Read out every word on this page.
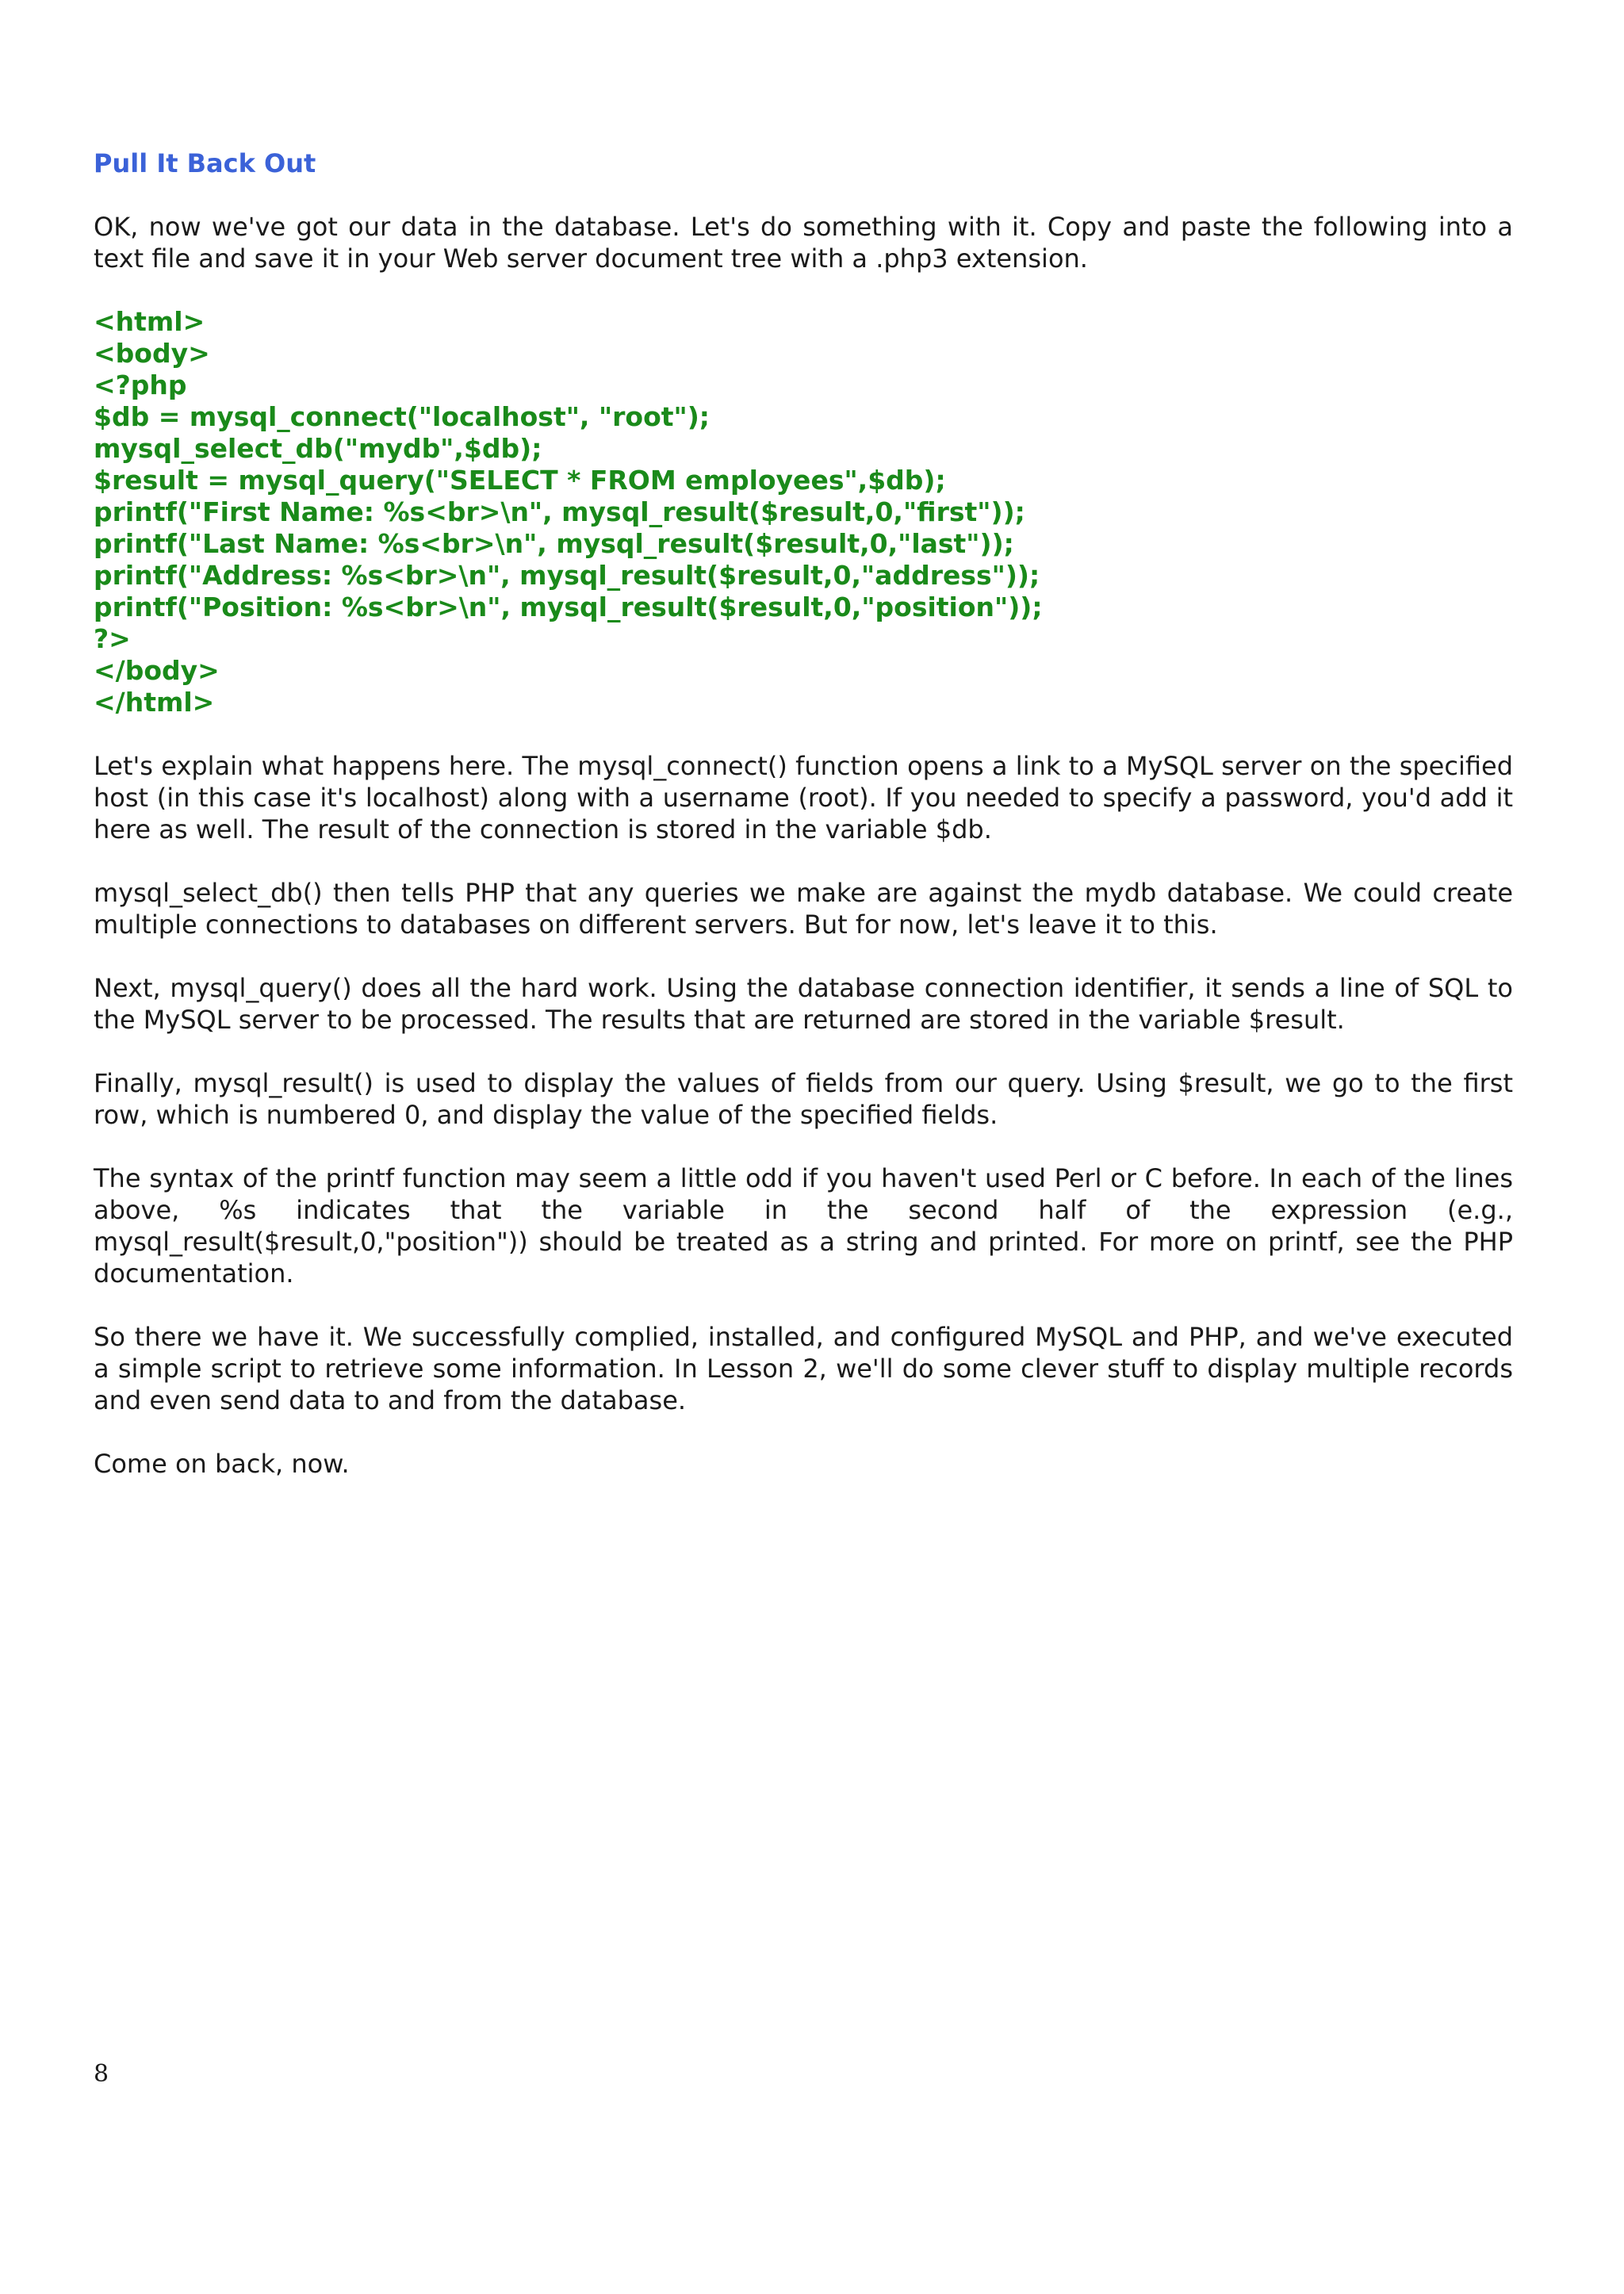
Pull It Back Out
OK, now we've got our data in the database. Let's do something with it. Copy and paste the following into a text file and save it in your Web server document tree with a .php3 extension.
<html>
<body>
<?php
$db = mysql_connect("localhost", "root");
mysql_select_db("mydb",$db);
$result = mysql_query("SELECT * FROM employees",$db);
printf("First Name: %s<br>\n", mysql_result($result,0,"first"));
printf("Last Name: %s<br>\n", mysql_result($result,0,"last"));
printf("Address: %s<br>\n", mysql_result($result,0,"address"));
printf("Position: %s<br>\n", mysql_result($result,0,"position"));
?>
</body>
</html>
Let's explain what happens here. The mysql_connect() function opens a link to a MySQL server on the specified host (in this case it's localhost) along with a username (root). If you needed to specify a password, you'd add it here as well. The result of the connection is stored in the variable $db.
mysql_select_db() then tells PHP that any queries we make are against the mydb database. We could create multiple connections to databases on different servers. But for now, let's leave it to this.
Next, mysql_query() does all the hard work. Using the database connection identifier, it sends a line of SQL to the MySQL server to be processed. The results that are returned are stored in the variable $result.
Finally, mysql_result() is used to display the values of fields from our query. Using $result, we go to the first row, which is numbered 0, and display the value of the specified fields.
The syntax of the printf function may seem a little odd if you haven't used Perl or C before. In each of the lines above, %s indicates that the variable in the second half of the expression (e.g., mysql_result($result,0,"position")) should be treated as a string and printed. For more on printf, see the PHP documentation.
So there we have it. We successfully complied, installed, and configured MySQL and PHP, and we've executed a simple script to retrieve some information. In Lesson 2, we'll do some clever stuff to display multiple records and even send data to and from the database.
Come on back, now.
8
